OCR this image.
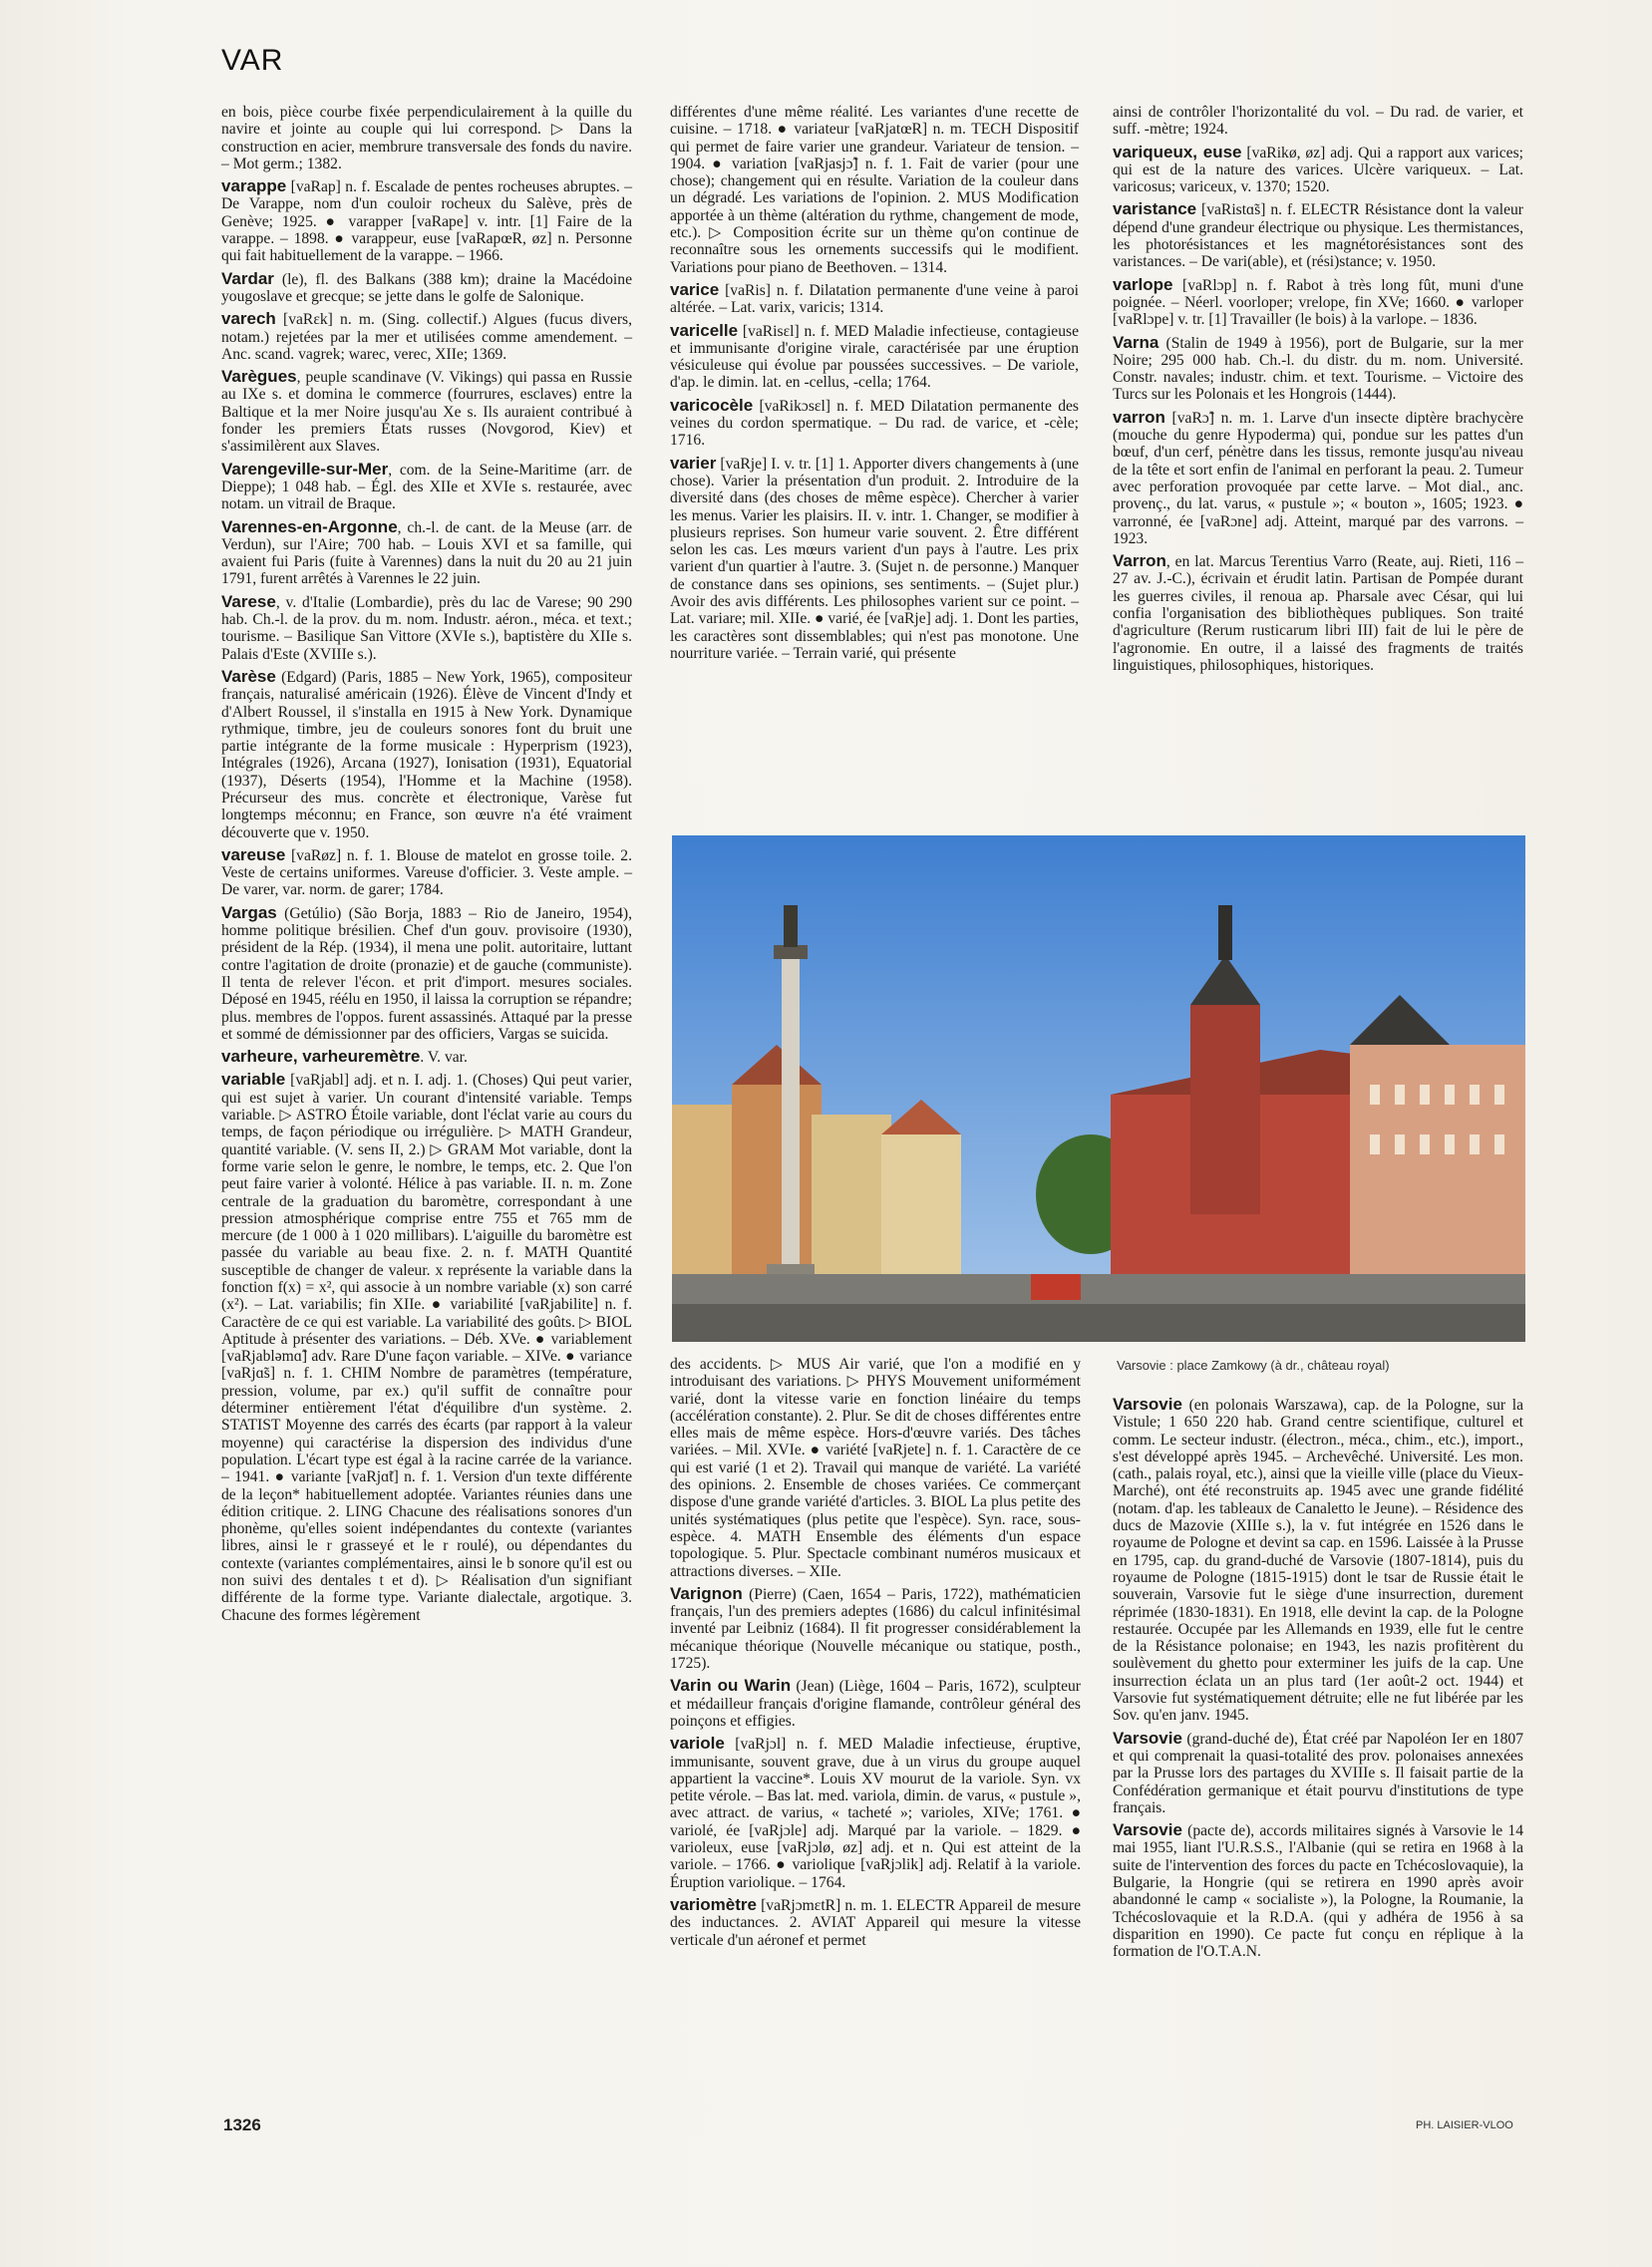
VAR

en bois, pièce courbe fixée perpendiculairement à la quille du navire et jointe au couple qui lui correspond. ▷ Dans la construction en acier, membrure transversale des fonds du navire. – Mot germ.; 1382.

varappe [vaRap] n. f. Escalade de pentes rocheuses abruptes. – De Varappe, nom d'un couloir rocheux du Salève, près de Genève; 1925. ● varapper [vaRape] v. intr. [1] Faire de la varappe. – 1898. ● varappeur, euse [vaRapœR, øz] n. Personne qui fait habituellement de la varappe. – 1966.

Vardar (le), fl. des Balkans (388 km); draine la Macédoine yougoslave et grecque; se jette dans le golfe de Salonique.

varech [vaRɛk] n. m. (Sing. collectif.) Algues (fucus divers, notam.) rejetées par la mer et utilisées comme amendement. – Anc. scand. vagrek; warec, verec, XIIe; 1369.

Varègues, peuple scandinave (V. Vikings) qui passa en Russie au IXe s. et domina le commerce (fourrures, esclaves) entre la Baltique et la mer Noire jusqu'au Xe s. Ils auraient contribué à fonder les premiers États russes (Novgorod, Kiev) et s'assimilèrent aux Slaves.

Varengeville-sur-Mer, com. de la Seine-Maritime (arr. de Dieppe); 1 048 hab. – Égl. des XIIe et XVIe s. restaurée, avec notam. un vitrail de Braque.

Varennes-en-Argonne, ch.-l. de cant. de la Meuse (arr. de Verdun), sur l'Aire; 700 hab. – Louis XVI et sa famille, qui avaient fui Paris (fuite à Varennes) dans la nuit du 20 au 21 juin 1791, furent arrêtés à Varennes le 22 juin.

Varese, v. d'Italie (Lombardie), près du lac de Varese; 90 290 hab. Ch.-l. de la prov. du m. nom. Industr. aéron., méca. et text.; tourisme. – Basilique San Vittore (XVIe s.), baptistère du XIIe s. Palais d'Este (XVIIIe s.).

Varèse (Edgard) (Paris, 1885 – New York, 1965), compositeur français, naturalisé américain (1926). Élève de Vincent d'Indy et d'Albert Roussel, il s'installa en 1915 à New York. Dynamique rythmique, timbre, jeu de couleurs sonores font du bruit une partie intégrante de la forme musicale : Hyperprism (1923), Intégrales (1926), Arcana (1927), Ionisation (1931), Equatorial (1937), Déserts (1954), l'Homme et la Machine (1958). Précurseur des mus. concrète et électronique, Varèse fut longtemps méconnu; en France, son œuvre n'a été vraiment découverte que v. 1950.

vareuse [vaRøz] n. f. 1. Blouse de matelot en grosse toile. 2. Veste de certains uniformes. Vareuse d'officier. 3. Veste ample. – De varer, var. norm. de garer; 1784.

Vargas (Getúlio) (São Borja, 1883 – Rio de Janeiro, 1954), homme politique brésilien. Chef d'un gouv. provisoire (1930), président de la Rép. (1934), il mena une polit. autoritaire, luttant contre l'agitation de droite (pronazie) et de gauche (communiste). Il tenta de relever l'écon. et prit d'import. mesures sociales. Déposé en 1945, réélu en 1950, il laissa la corruption se répandre; plus. membres de l'oppos. furent assassinés. Attaqué par la presse et sommé de démissionner par des officiers, Vargas se suicida.

varheure, varheuremètre. V. var.

variable [vaRjabl] adj. et n. I. adj. 1. (Choses) Qui peut varier, qui est sujet à varier. Un courant d'intensité variable. Temps variable. ▷ ASTRO Étoile variable, dont l'éclat varie au cours du temps, de façon périodique ou irrégulière. ▷ MATH Grandeur, quantité variable. (V. sens II, 2.) ▷ GRAM Mot variable, dont la forme varie selon le genre, le nombre, le temps, etc. 2. Que l'on peut faire varier à volonté. Hélice à pas variable. II. n. m. Zone centrale de la graduation du baromètre, correspondant à une pression atmosphérique comprise entre 755 et 765 mm de mercure (de 1 000 à 1 020 millibars). L'aiguille du baromètre est passée du variable au beau fixe. 2. n. f. MATH Quantité susceptible de changer de valeur. x représente la variable dans la fonction f(x) = x², qui associe à un nombre variable (x) son carré (x²). – Lat. variabilis; fin XIIe. ● variabilité [vaRjabilite] n. f. Caractère de ce qui est variable. La variabilité des goûts. ▷ BIOL Aptitude à présenter des variations. – Déb. XVe. ● variablement [vaRjabləmɑ̃] adv. Rare D'une façon variable. – XIVe. ● variance [vaRjɑ̃s] n. f. 1. CHIM Nombre de paramètres (température, pression, volume, par ex.) qu'il suffit de connaître pour déterminer entièrement l'état d'équilibre d'un système. 2. STATIST Moyenne des carrés des écarts (par rapport à la valeur moyenne) qui caractérise la dispersion des individus d'une population. L'écart type est égal à la racine carrée de la variance. – 1941. ● variante [vaRjɑ̃t] n. f. 1. Version d'un texte différente de la leçon* habituellement adoptée. Variantes réunies dans une édition critique. 2. LING Chacune des réalisations sonores d'un phonème, qu'elles soient indépendantes du contexte (variantes libres, ainsi le r grasseyé et le r roulé), ou dépendantes du contexte (variantes complémentaires, ainsi le b sonore qu'il est ou non suivi des dentales t et d). ▷ Réalisation d'un signifiant différente de la forme type. Variante dialectale, argotique. 3. Chacune des formes légèrement

différentes d'une même réalité. Les variantes d'une recette de cuisine. – 1718. ● variateur [vaRjatœR] n. m. TECH Dispositif qui permet de faire varier une grandeur. Variateur de tension. – 1904. ● variation [vaRjasjɔ̃] n. f. 1. Fait de varier (pour une chose); changement qui en résulte. Variation de la couleur dans un dégradé. Les variations de l'opinion. 2. MUS Modification apportée à un thème (altération du rythme, changement de mode, etc.). ▷ Composition écrite sur un thème qu'on continue de reconnaître sous les ornements successifs qui le modifient. Variations pour piano de Beethoven. – 1314.

varice [vaRis] n. f. Dilatation permanente d'une veine à paroi altérée. – Lat. varix, varicis; 1314.

varicelle [vaRisɛl] n. f. MED Maladie infectieuse, contagieuse et immunisante d'origine virale, caractérisée par une éruption vésiculeuse qui évolue par poussées successives. – De variole, d'ap. le dimin. lat. en -cellus, -cella; 1764.

varicocèle [vaRikɔsɛl] n. f. MED Dilatation permanente des veines du cordon spermatique. – Du rad. de varice, et -cèle; 1716.

varier [vaRje] I. v. tr. [1] 1. Apporter divers changements à (une chose). Varier la présentation d'un produit. 2. Introduire de la diversité dans (des choses de même espèce). Chercher à varier les menus. Varier les plaisirs. II. v. intr. 1. Changer, se modifier à plusieurs reprises. Son humeur varie souvent. 2. Être différent selon les cas. Les mœurs varient d'un pays à l'autre. Les prix varient d'un quartier à l'autre. 3. (Sujet n. de personne.) Manquer de constance dans ses opinions, ses sentiments. – (Sujet plur.) Avoir des avis différents. Les philosophes varient sur ce point. – Lat. variare; mil. XIIe. ● varié, ée [vaRje] adj. 1. Dont les parties, les caractères sont dissemblables; qui n'est pas monotone. Une nourriture variée. – Terrain varié, qui présente

ainsi de contrôler l'horizontalité du vol. – Du rad. de varier, et suff. -mètre; 1924.

variqueux, euse [vaRikø, øz] adj. Qui a rapport aux varices; qui est de la nature des varices. Ulcère variqueux. – Lat. varicosus; variceux, v. 1370; 1520.

varistance [vaRistɑ̃s] n. f. ELECTR Résistance dont la valeur dépend d'une grandeur électrique ou physique. Les thermistances, les photorésistances et les magnétorésistances sont des varistances. – De vari(able), et (rési)stance; v. 1950.

varlope [vaRlɔp] n. f. Rabot à très long fût, muni d'une poignée. – Néerl. voorloper; vrelope, fin XVe; 1660. ● varloper [vaRlɔpe] v. tr. [1] Travailler (le bois) à la varlope. – 1836.

Varna (Stalin de 1949 à 1956), port de Bulgarie, sur la mer Noire; 295 000 hab. Ch.-l. du distr. du m. nom. Université. Constr. navales; industr. chim. et text. Tourisme. – Victoire des Turcs sur les Polonais et les Hongrois (1444).

varron [vaRɔ̃] n. m. 1. Larve d'un insecte diptère brachycère (mouche du genre Hypoderma) qui, pondue sur les pattes d'un bœuf, d'un cerf, pénètre dans les tissus, remonte jusqu'au niveau de la tête et sort enfin de l'animal en perforant la peau. 2. Tumeur avec perforation provoquée par cette larve. – Mot dial., anc. provenç., du lat. varus, « pustule »; « bouton », 1605; 1923. ● varronné, ée [vaRɔne] adj. Atteint, marqué par des varrons. – 1923.

Varron, en lat. Marcus Terentius Varro (Reate, auj. Rieti, 116 – 27 av. J.-C.), écrivain et érudit latin. Partisan de Pompée durant les guerres civiles, il renoua ap. Pharsale avec César, qui lui confia l'organisation des bibliothèques publiques. Son traité d'agriculture (Rerum rusticarum libri III) fait de lui le père de l'agronomie. En outre, il a laissé des fragments de traités linguistiques, philosophiques, historiques.

Varsovie : place Zamkowy (à dr., château royal)

des accidents. ▷ MUS Air varié, que l'on a modifié en y introduisant des variations. ▷ PHYS Mouvement uniformément varié, dont la vitesse varie en fonction linéaire du temps (accélération constante). 2. Plur. Se dit de choses différentes entre elles mais de même espèce. Hors-d'œuvre variés. Des tâches variées. – Mil. XVIe. ● variété [vaRjete] n. f. 1. Caractère de ce qui est varié (1 et 2). Travail qui manque de variété. La variété des opinions. 2. Ensemble de choses variées. Ce commerçant dispose d'une grande variété d'articles. 3. BIOL La plus petite des unités systématiques (plus petite que l'espèce). Syn. race, sous-espèce. 4. MATH Ensemble des éléments d'un espace topologique. 5. Plur. Spectacle combinant numéros musicaux et attractions diverses. – XIIe.

Varignon (Pierre) (Caen, 1654 – Paris, 1722), mathématicien français, l'un des premiers adeptes (1686) du calcul infinitésimal inventé par Leibniz (1684). Il fit progresser considérablement la mécanique théorique (Nouvelle mécanique ou statique, posth., 1725).

Varin ou Warin (Jean) (Liège, 1604 – Paris, 1672), sculpteur et médailleur français d'origine flamande, contrôleur général des poinçons et effigies.

variole [vaRjɔl] n. f. MED Maladie infectieuse, éruptive, immunisante, souvent grave, due à un virus du groupe auquel appartient la vaccine*. Louis XV mourut de la variole. Syn. vx petite vérole. – Bas lat. med. variola, dimin. de varus, « pustule », avec attract. de varius, « tacheté »; varioles, XIVe; 1761. ● variolé, ée [vaRjɔle] adj. Marqué par la variole. – 1829. ● varioleux, euse [vaRjɔlø, øz] adj. et n. Qui est atteint de la variole. – 1766. ● variolique [vaRjɔlik] adj. Relatif à la variole. Éruption variolique. – 1764.

variomètre [vaRjɔmɛtR] n. m. 1. ELECTR Appareil de mesure des inductances. 2. AVIAT Appareil qui mesure la vitesse verticale d'un aéronef et permet

Varsovie (en polonais Warszawa), cap. de la Pologne, sur la Vistule; 1 650 220 hab. Grand centre scientifique, culturel et comm. Le secteur industr. (électron., méca., chim., etc.), import., s'est développé après 1945. – Archevêché. Université. Les mon. (cath., palais royal, etc.), ainsi que la vieille ville (place du Vieux-Marché), ont été reconstruits ap. 1945 avec une grande fidélité (notam. d'ap. les tableaux de Canaletto le Jeune). – Résidence des ducs de Mazovie (XIIIe s.), la v. fut intégrée en 1526 dans le royaume de Pologne et devint sa cap. en 1596. Laissée à la Prusse en 1795, cap. du grand-duché de Varsovie (1807-1814), puis du royaume de Pologne (1815-1915) dont le tsar de Russie était le souverain, Varsovie fut le siège d'une insurrection, durement réprimée (1830-1831). En 1918, elle devint la cap. de la Pologne restaurée. Occupée par les Allemands en 1939, elle fut le centre de la Résistance polonaise; en 1943, les nazis profitèrent du soulèvement du ghetto pour exterminer les juifs de la cap. Une insurrection éclata un an plus tard (1er août-2 oct. 1944) et Varsovie fut systématiquement détruite; elle ne fut libérée par les Sov. qu'en janv. 1945.

Varsovie (grand-duché de), État créé par Napoléon Ier en 1807 et qui comprenait la quasi-totalité des prov. polonaises annexées par la Prusse lors des partages du XVIIIe s. Il faisait partie de la Confédération germanique et était pourvu d'institutions de type français.

Varsovie (pacte de), accords militaires signés à Varsovie le 14 mai 1955, liant l'U.R.S.S., l'Albanie (qui se retira en 1968 à la suite de l'intervention des forces du pacte en Tchécoslovaquie), la Bulgarie, la Hongrie (qui se retirera en 1990 après avoir abandonné le camp « socialiste »), la Pologne, la Roumanie, la Tchécoslovaquie et la R.D.A. (qui y adhéra de 1956 à sa disparition en 1990). Ce pacte fut conçu en réplique à la formation de l'O.T.A.N.

1326	PH. LAISIER-VLOO
